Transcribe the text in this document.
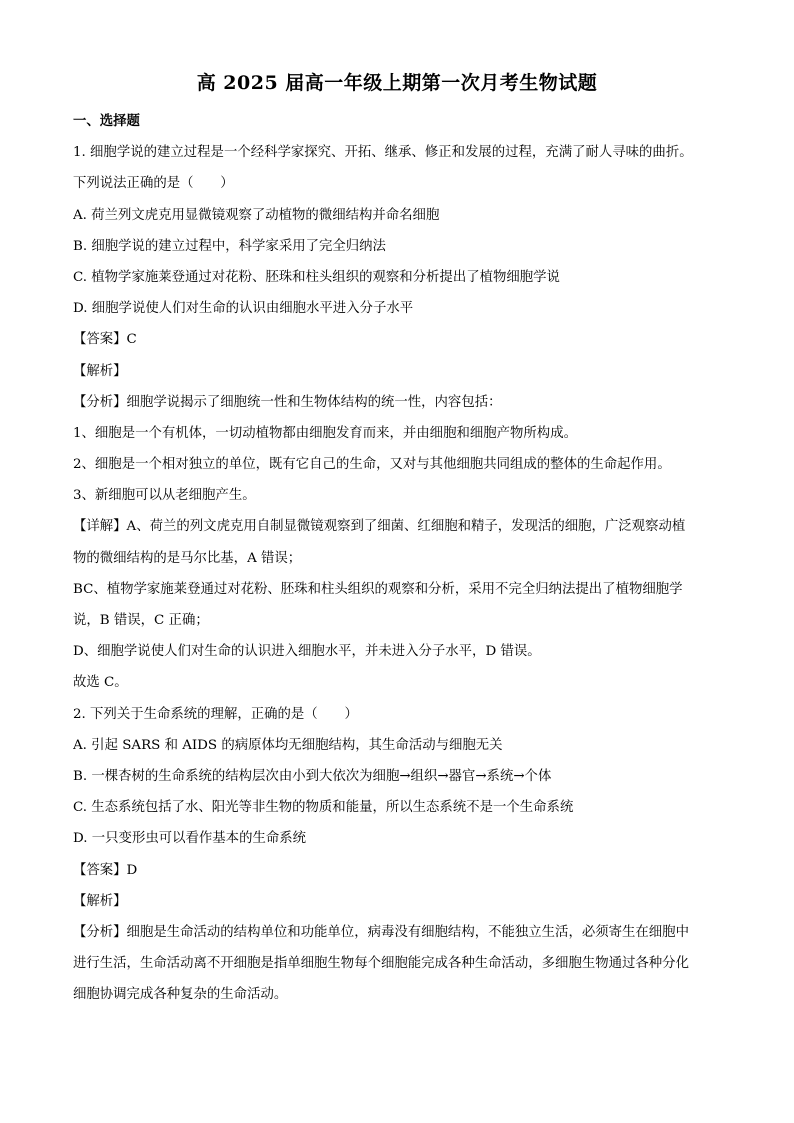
高 2025 届高一年级上期第一次月考生物试题
一、选择题
1. 细胞学说的建立过程是一个经科学家探究、开拓、继承、修正和发展的过程，充满了耐人寻味的曲折。
下列说法正确的是（　　）
A. 荷兰列文虎克用显微镜观察了动植物的微细结构并命名细胞
B. 细胞学说的建立过程中，科学家采用了完全归纳法
C. 植物学家施莱登通过对花粉、胚珠和柱头组织的观察和分析提出了植物细胞学说
D. 细胞学说使人们对生命的认识由细胞水平进入分子水平
【答案】C
【解析】
【分析】细胞学说揭示了细胞统一性和生物体结构的统一性，内容包括：
1、细胞是一个有机体，一切动植物都由细胞发育而来，并由细胞和细胞产物所构成。
2、细胞是一个相对独立的单位，既有它自己的生命，又对与其他细胞共同组成的整体的生命起作用。
3、新细胞可以从老细胞产生。
【详解】A、荷兰的列文虎克用自制显微镜观察到了细菌、红细胞和精子，发现活的细胞，广泛观察动植
物的微细结构的是马尔比基，A 错误；
BC、植物学家施莱登通过对花粉、胚珠和柱头组织的观察和分析，采用不完全归纳法提出了植物细胞学
说，B 错误，C 正确；
D、细胞学说使人们对生命的认识进入细胞水平，并未进入分子水平，D 错误。
故选 C。
2. 下列关于生命系统的理解，正确的是（　　）
A. 引起 SARS 和 AIDS 的病原体均无细胞结构，其生命活动与细胞无关
B. 一棵杏树的生命系统的结构层次由小到大依次为细胞→组织→器官→系统→个体
C. 生态系统包括了水、阳光等非生物的物质和能量，所以生态系统不是一个生命系统
D. 一只变形虫可以看作基本的生命系统
【答案】D
【解析】
【分析】细胞是生命活动的结构单位和功能单位，病毒没有细胞结构，不能独立生活，必须寄生在细胞中
进行生活，生命活动离不开细胞是指单细胞生物每个细胞能完成各种生命活动，多细胞生物通过各种分化
细胞协调完成各种复杂的生命活动。
